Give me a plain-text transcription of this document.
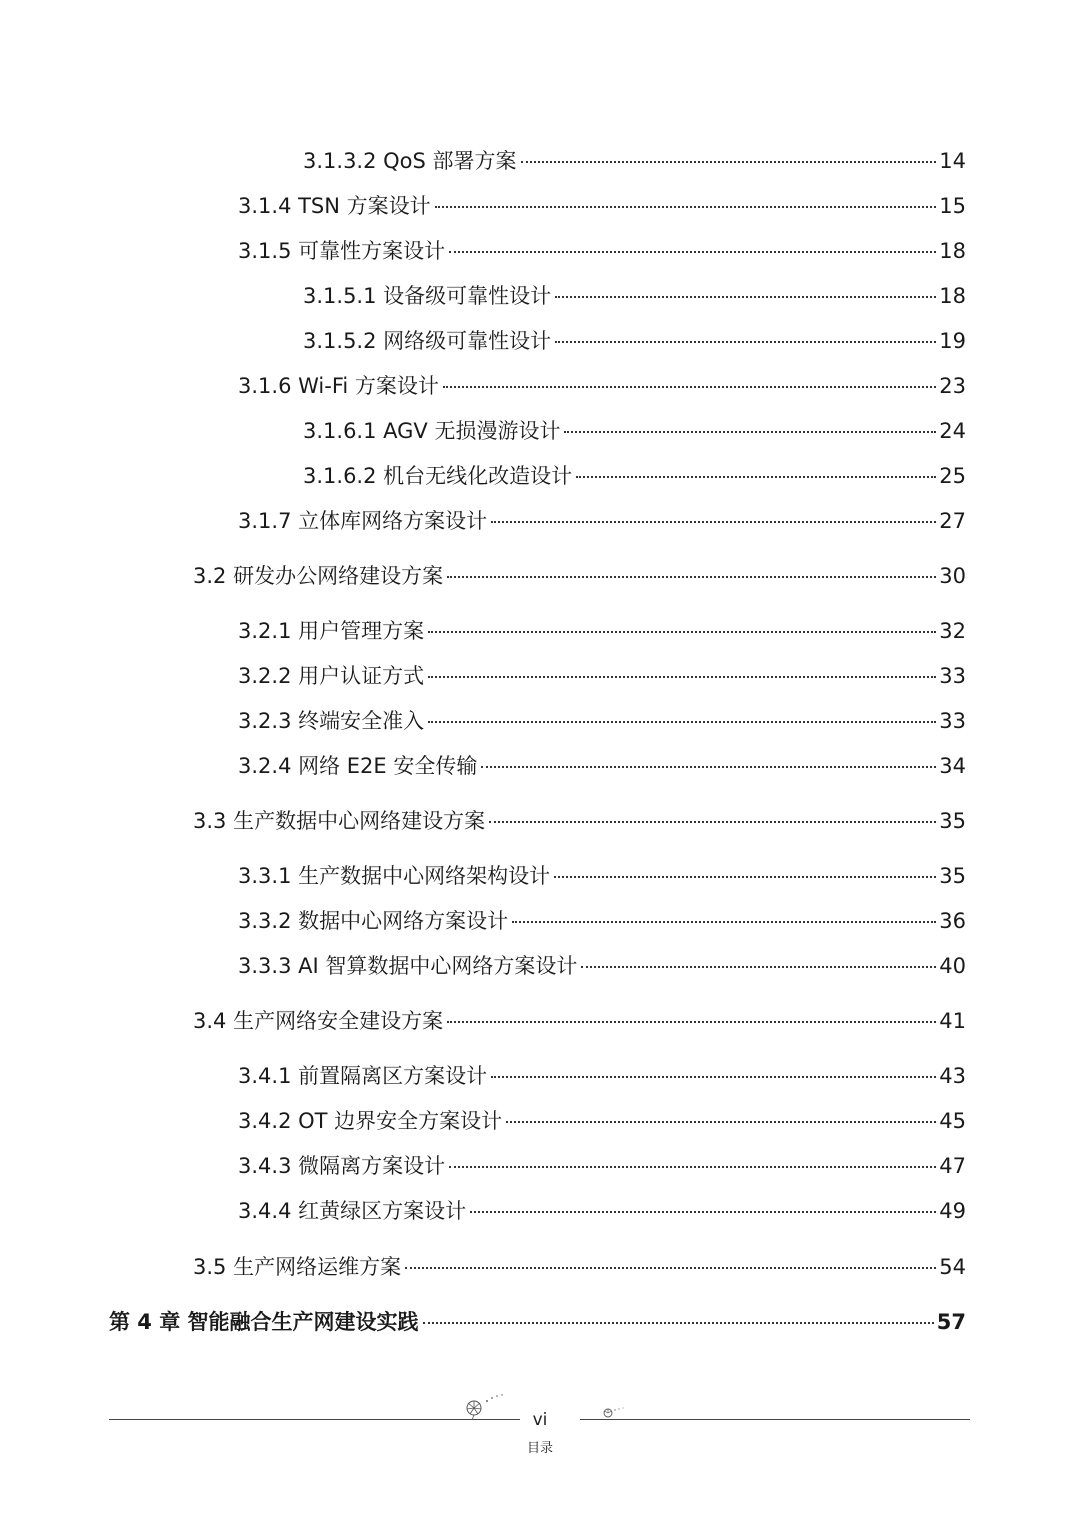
3.1.3.2 QoS 部署方案	14
3.1.4 TSN 方案设计	15
3.1.5 可靠性方案设计	18
3.1.5.1 设备级可靠性设计	18
3.1.5.2 网络级可靠性设计	19
3.1.6 Wi-Fi 方案设计	23
3.1.6.1 AGV 无损漫游设计	24
3.1.6.2 机台无线化改造设计	25
3.1.7 立体库网络方案设计	27
3.2 研发办公网络建设方案	30
3.2.1 用户管理方案	32
3.2.2 用户认证方式	33
3.2.3 终端安全准入	33
3.2.4 网络 E2E 安全传输	34
3.3 生产数据中心网络建设方案	35
3.3.1 生产数据中心网络架构设计	35
3.3.2 数据中心网络方案设计	36
3.3.3 AI 智算数据中心网络方案设计	40
3.4 生产网络安全建设方案	41
3.4.1 前置隔离区方案设计	43
3.4.2 OT 边界安全方案设计	45
3.4.3 微隔离方案设计	47
3.4.4 红黄绿区方案设计	49
3.5 生产网络运维方案	54
第 4 章 智能融合生产网建设实践	57
vi
目录
